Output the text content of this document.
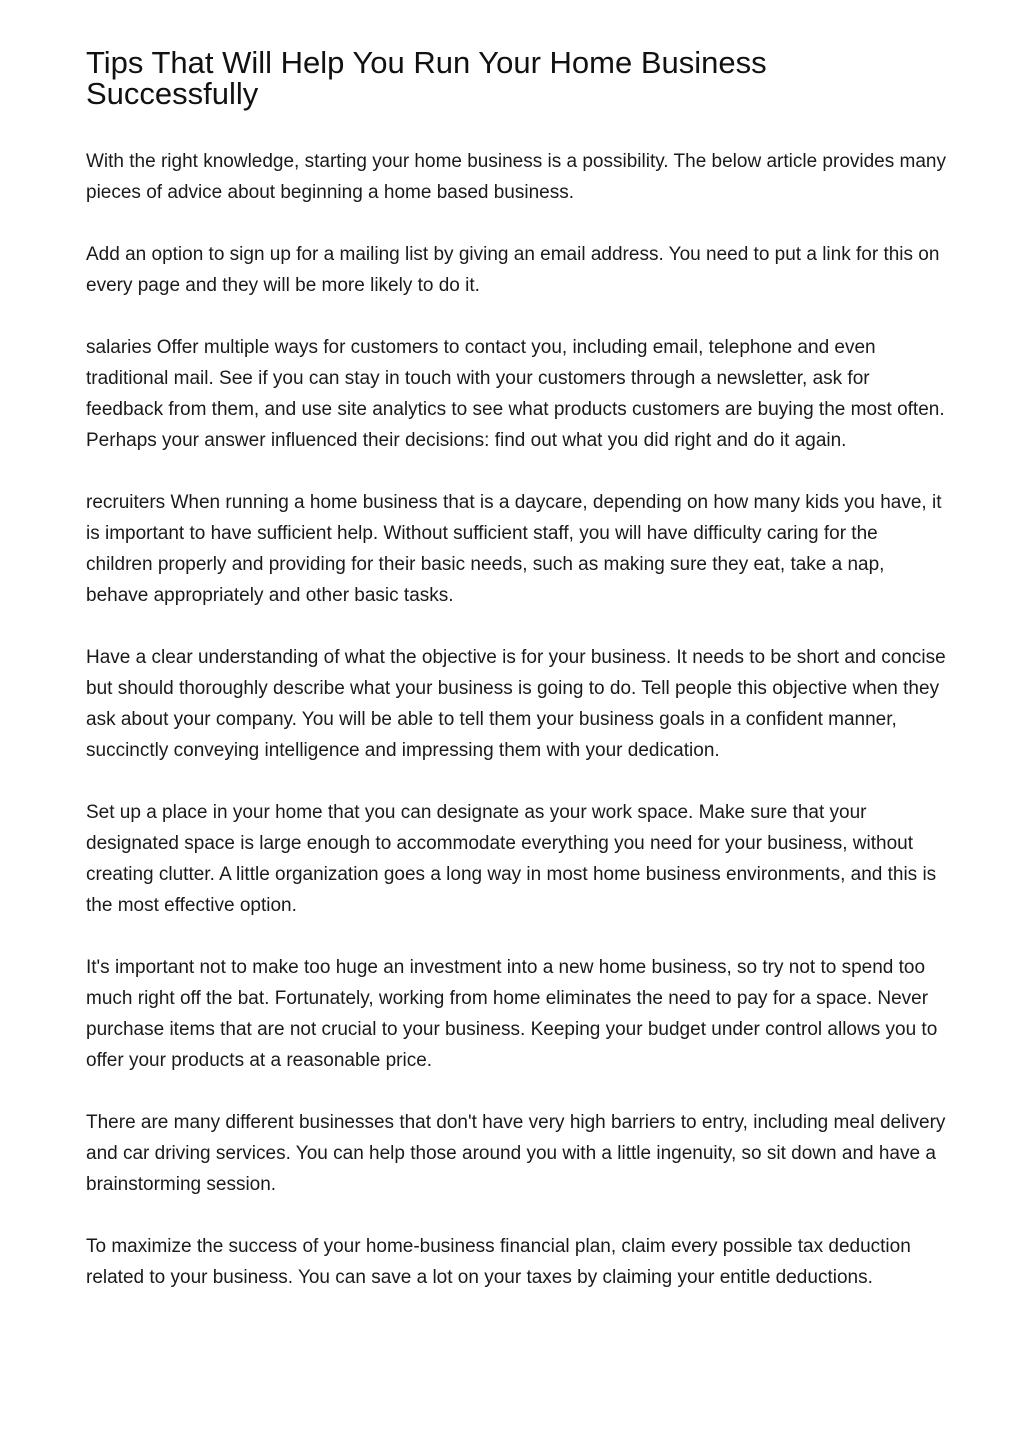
Tips That Will Help You Run Your Home Business Successfully

With the right knowledge, starting your home business is a possibility. The below article provides many pieces of advice about beginning a home based business.

Add an option to sign up for a mailing list by giving an email address. You need to put a link for this on every page and they will be more likely to do it.

salaries Offer multiple ways for customers to contact you, including email, telephone and even traditional mail. See if you can stay in touch with your customers through a newsletter, ask for feedback from them, and use site analytics to see what products customers are buying the most often. Perhaps your answer influenced their decisions: find out what you did right and do it again.

recruiters When running a home business that is a daycare, depending on how many kids you have, it is important to have sufficient help. Without sufficient staff, you will have difficulty caring for the children properly and providing for their basic needs, such as making sure they eat, take a nap, behave appropriately and other basic tasks.

Have a clear understanding of what the objective is for your business. It needs to be short and concise but should thoroughly describe what your business is going to do. Tell people this objective when they ask about your company. You will be able to tell them your business goals in a confident manner, succinctly conveying intelligence and impressing them with your dedication.

Set up a place in your home that you can designate as your work space. Make sure that your designated space is large enough to accommodate everything you need for your business, without creating clutter. A little organization goes a long way in most home business environments, and this is the most effective option.

It's important not to make too huge an investment into a new home business, so try not to spend too much right off the bat. Fortunately, working from home eliminates the need to pay for a space. Never purchase items that are not crucial to your business. Keeping your budget under control allows you to offer your products at a reasonable price.

There are many different businesses that don't have very high barriers to entry, including meal delivery and car driving services. You can help those around you with a little ingenuity, so sit down and have a brainstorming session.

To maximize the success of your home-business financial plan, claim every possible tax deduction related to your business. You can save a lot on your taxes by claiming your entitle deductions.
